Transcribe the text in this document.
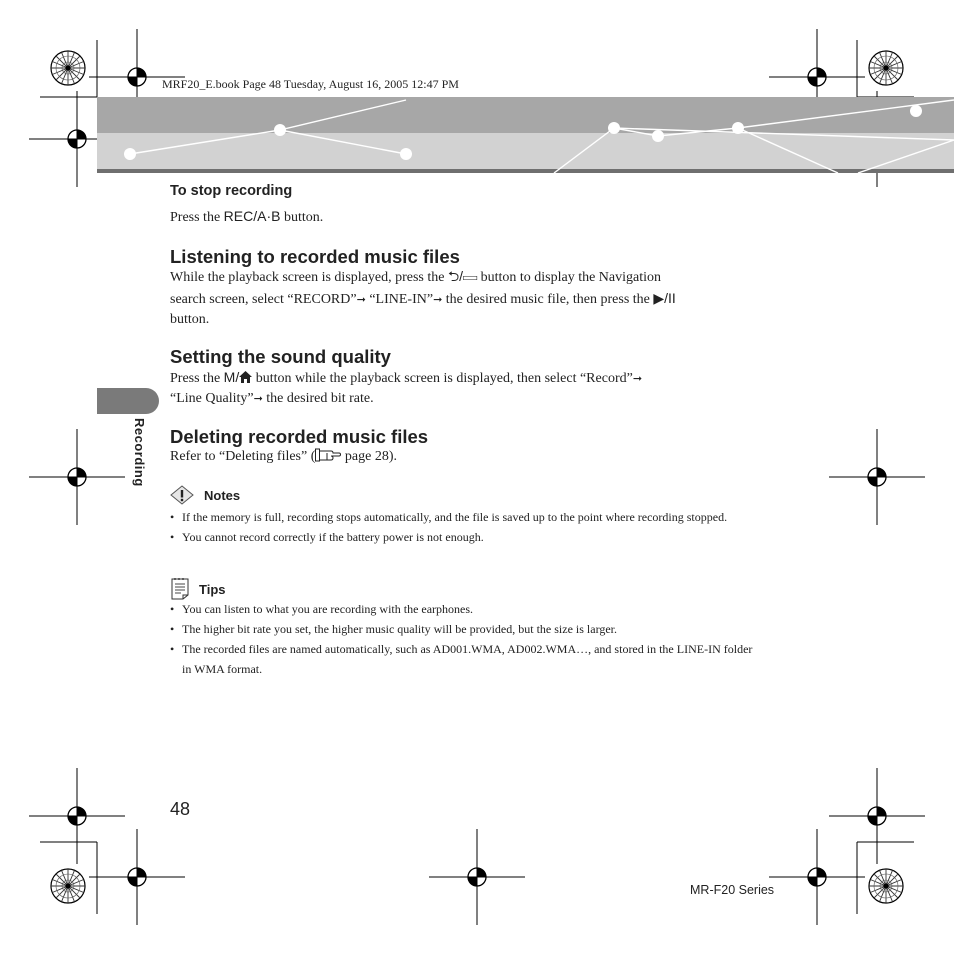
MRF20_E.book Page 48 Tuesday, August 16, 2005 12:47 PM
Recording
To stop recording
Press the REC/A·B button.
Listening to recorded music files
While the playback screen is displayed, press the ⮌/▭ button to display the Navigation
search screen, select “RECORD”➞ “LINE-IN”➞ the desired music file, then press the ▶/II
button.
Setting the sound quality
Press the M/ button while the playback screen is displayed, then select “Record”➞
“Line Quality”➞ the desired bit rate.
Deleting recorded music files
Refer to “Deleting files” ( page 28).
Notes
• If the memory is full, recording stops automatically, and the file is saved up to the point where recording stopped.
• You cannot record correctly if the battery power is not enough.
Tips
• You can listen to what you are recording with the earphones.
• The higher bit rate you set, the higher music quality will be provided, but the size is larger.
• The recorded files are named automatically, such as AD001.WMA, AD002.WMA…, and stored in the LINE-IN folder in WMA format.
48
MR-F20 Series
